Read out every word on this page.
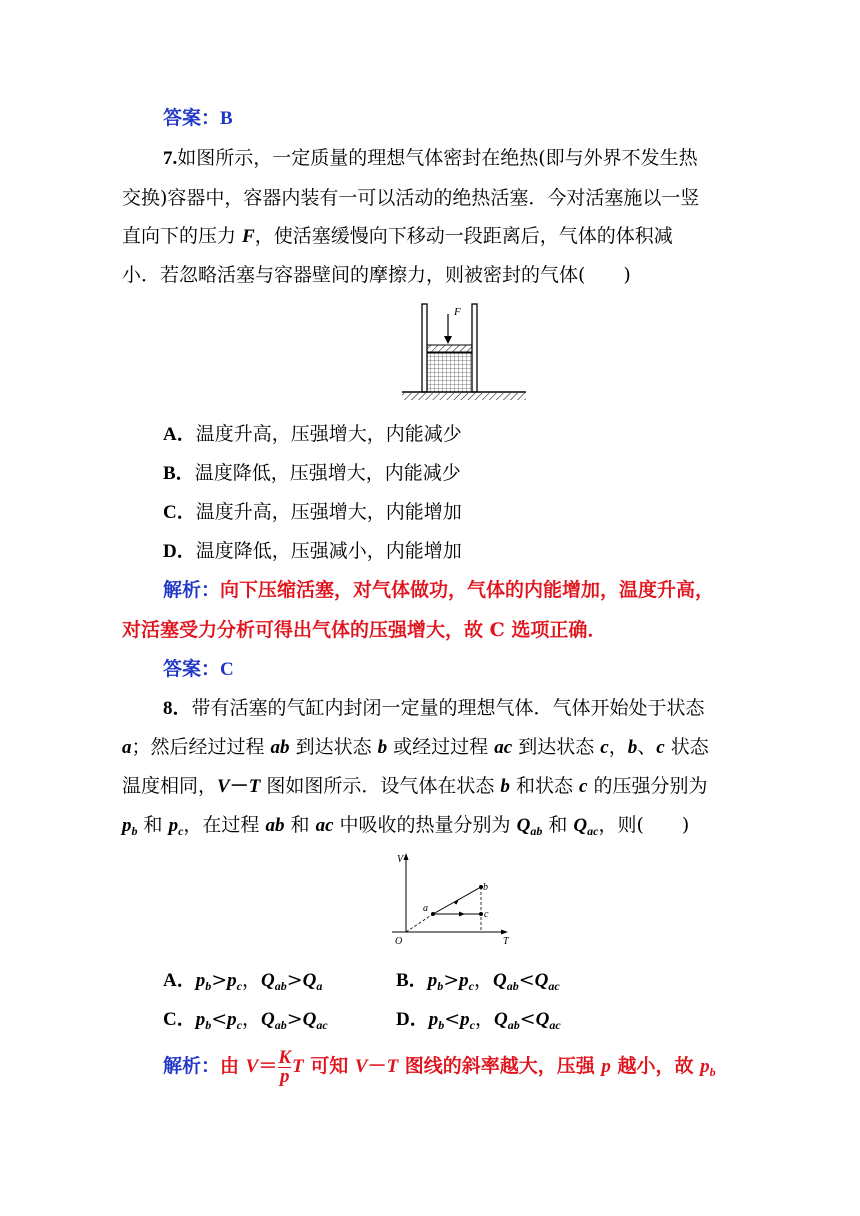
答案：B
7.如图所示，一定质量的理想气体密封在绝热(即与外界不发生热
交换)容器中，容器内装有一可以活动的绝热活塞．今对活塞施以一竖
直向下的压力 F，使活塞缓慢向下移动一段距离后，气体的体积减
小．若忽略活塞与容器壁间的摩擦力，则被密封的气体(　　)
F
A．温度升高，压强增大，内能减少
B．温度降低，压强增大，内能减少
C．温度升高，压强增大，内能增加
D．温度降低，压强减小，内能增加
解析：向下压缩活塞，对气体做功，气体的内能增加，温度升高，
对活塞受力分析可得出气体的压强增大，故 C 选项正确．
答案：C
8．带有活塞的气缸内封闭一定量的理想气体．气体开始处于状态
a；然后经过过程 ab 到达状态 b 或经过过程 ac 到达状态 c，b、c 状态
温度相同，V－T 图如图所示．设气体在状态 b 和状态 c 的压强分别为
$p_b$ 和 $p_c$，在过程 ab 和 ac 中吸收的热量分别为 $Q_{ab}$ 和 $Q_{ac}$，则(　　)
V
T
O
a
b
c
A．$p_b>p_c$，$Q_{ab}>Q_a$	B．$p_b>p_c$，$Q_{ab}<Q_{ac}$
C．$p_b<p_c$，$Q_{ab}>Q_{ac}$	D．$p_b<p_c$，$Q_{ab}<Q_{ac}$
解析：由 $V= \frac{K}{p}$ T 可知 V－T 图线的斜率越大，压强 p 越小，故 $p_b$
